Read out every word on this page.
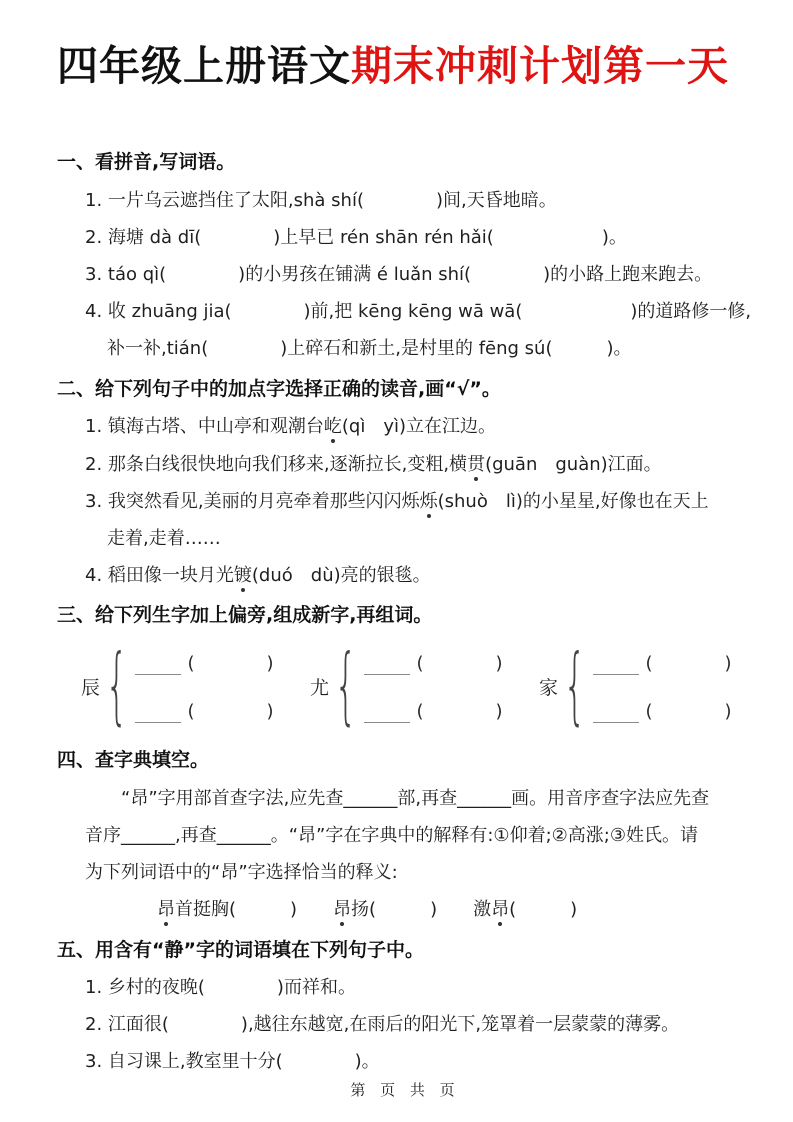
四年级上册语文期末冲刺计划第一天
一、看拼音,写词语。
1. 一片乌云遮挡住了太阳,shà shí(　　　　)间,天昏地暗。
2. 海塘 dà dī(　　　　)上早已 rén shān rén hǎi(　　　　　　)。
3. táo qì(　　　　)的小男孩在铺满 é luǎn shí(　　　　)的小路上跑来跑去。
4. 收 zhuāng jia(　　　　)前,把 kēng kēng wā wā(　　　　　　)的道路修一修,
补一补,tián(　　　　)上碎石和新土,是村里的 fēng sú(　　　)。
二、给下列句子中的加点字选择正确的读音,画“√”。
1. 镇海古塔、中山亭和观潮台 屹 (qì　yì)立在江边。
2. 那条白线很快地向我们移来,逐渐拉长,变粗,横 贯 (guān　guàn)江面。
3. 我突然看见,美丽的月亮牵着那些闪闪烁 烁 (shuò　lì)的小星星,好像也在天上
走着,走着……
4. 稻田像一块月光 镀 (duó　dù)亮的银毯。
三、给下列生字加上偏旁,组成新字,再组词。
辰 {	(　　　　)
(　　　　)
尤 {	(　　　　)
(　　　　)
家 {	(　　　　)
(　　　　)
四、查字典填空。
“昂”字用部首查字法,应先查______部,再查______画。用音序查字法应先查
音序______,再查______。“昂”字在字典中的解释有:①仰着;②高涨;③姓氏。请
为下列词语中的“昂”字选择恰当的释义:
昂 首挺胸(　　　)　　 昂 扬(　　　)　　激 昂 (　　　)
五、用含有“静”字的词语填在下列句子中。
1. 乡村的夜晚(　　　　)而祥和。
2. 江面很(　　　　),越往东越宽,在雨后的阳光下,笼罩着一层蒙蒙的薄雾。
3. 自习课上,教室里十分(　　　　)。
第 页 共 页
